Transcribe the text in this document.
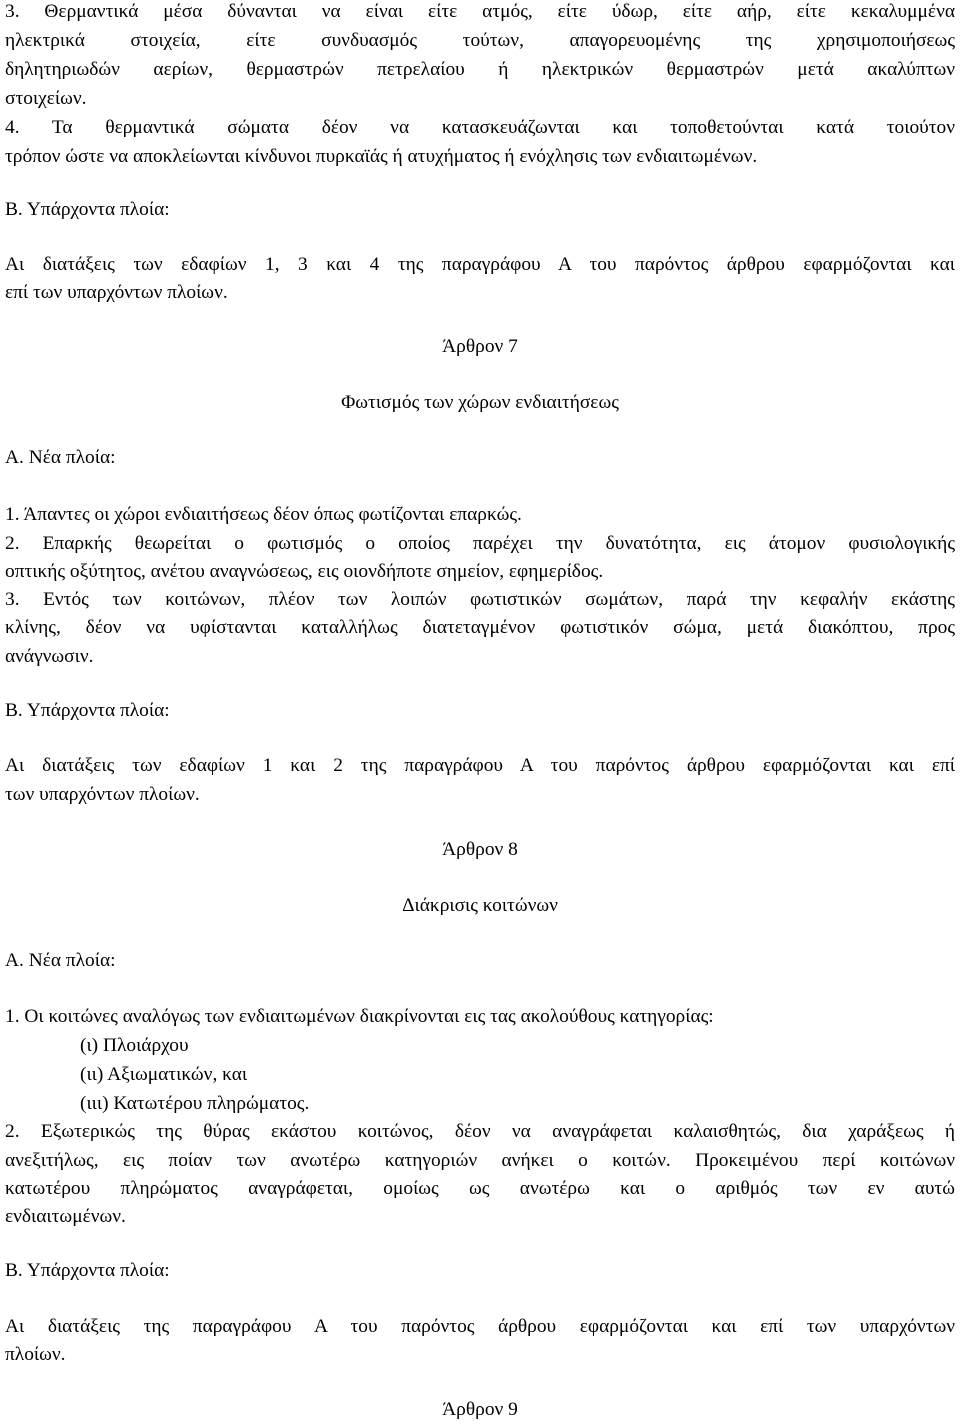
3. Θερμαντικά μέσα δύνανται να είναι είτε ατμός, είτε ύδωρ, είτε αήρ, είτε κεκαλυμμένα
ηλεκτρικά στοιχεία, είτε συνδυασμός τούτων, απαγορευομένης της χρησιμοποιήσεως
δηλητηριωδών αερίων, θερμαστρών πετρελαίου ή ηλεκτρικών θερμαστρών μετά ακαλύπτων
στοιχείων.
4. Τα θερμαντικά σώματα δέον να κατασκευάζωνται και τοποθετούνται κατά τοιούτον
τρόπον ώστε να αποκλείωνται κίνδυνοι πυρκαϊάς ή ατυχήματος ή ενόχλησις των ενδιαιτωμένων.
Β. Υπάρχοντα πλοία:
Αι διατάξεις των εδαφίων 1, 3 και 4 της παραγράφου Α του παρόντος άρθρου εφαρμόζονται και
επί των υπαρχόντων πλοίων.
Άρθρον 7
Φωτισμός των χώρων ενδιαιτήσεως
Α. Νέα πλοία:
1. Άπαντες οι χώροι ενδιαιτήσεως δέον όπως φωτίζονται επαρκώς.
2. Επαρκής θεωρείται ο φωτισμός ο οποίος παρέχει την δυνατότητα, εις άτομον φυσιολογικής
οπτικής οξύτητος, ανέτου αναγνώσεως, εις οιονδήποτε σημείον, εφημερίδος.
3. Εντός των κοιτώνων, πλέον των λοιπών φωτιστικών σωμάτων, παρά την κεφαλήν εκάστης
κλίνης, δέον να υφίστανται καταλλήλως διατεταγμένον φωτιστικόν σώμα, μετά διακόπτου, προς
ανάγνωσιν.
Β. Υπάρχοντα πλοία:
Αι διατάξεις των εδαφίων 1 και 2 της παραγράφου Α του παρόντος άρθρου εφαρμόζονται και επί
των υπαρχόντων πλοίων.
Άρθρον 8
Διάκρισις κοιτώνων
Α. Νέα πλοία:
1. Οι κοιτώνες αναλόγως των ενδιαιτωμένων διακρίνονται εις τας ακολούθους κατηγορίας:
(ι) Πλοιάρχου
(ιι) Αξιωματικών, και
(ιιι) Κατωτέρου πληρώματος.
2. Εξωτερικώς της θύρας εκάστου κοιτώνος, δέον να αναγράφεται καλαισθητώς, δια χαράξεως ή
ανεξιτήλως, εις ποίαν των ανωτέρω κατηγοριών ανήκει ο κοιτών. Προκειμένου περί κοιτώνων
κατωτέρου πληρώματος αναγράφεται, ομοίως ως ανωτέρω και ο αριθμός των εν αυτώ
ενδιαιτωμένων.
Β. Υπάρχοντα πλοία:
Αι διατάξεις της παραγράφου Α του παρόντος άρθρου εφαρμόζονται και επί των υπαρχόντων
πλοίων.
Άρθρον 9
